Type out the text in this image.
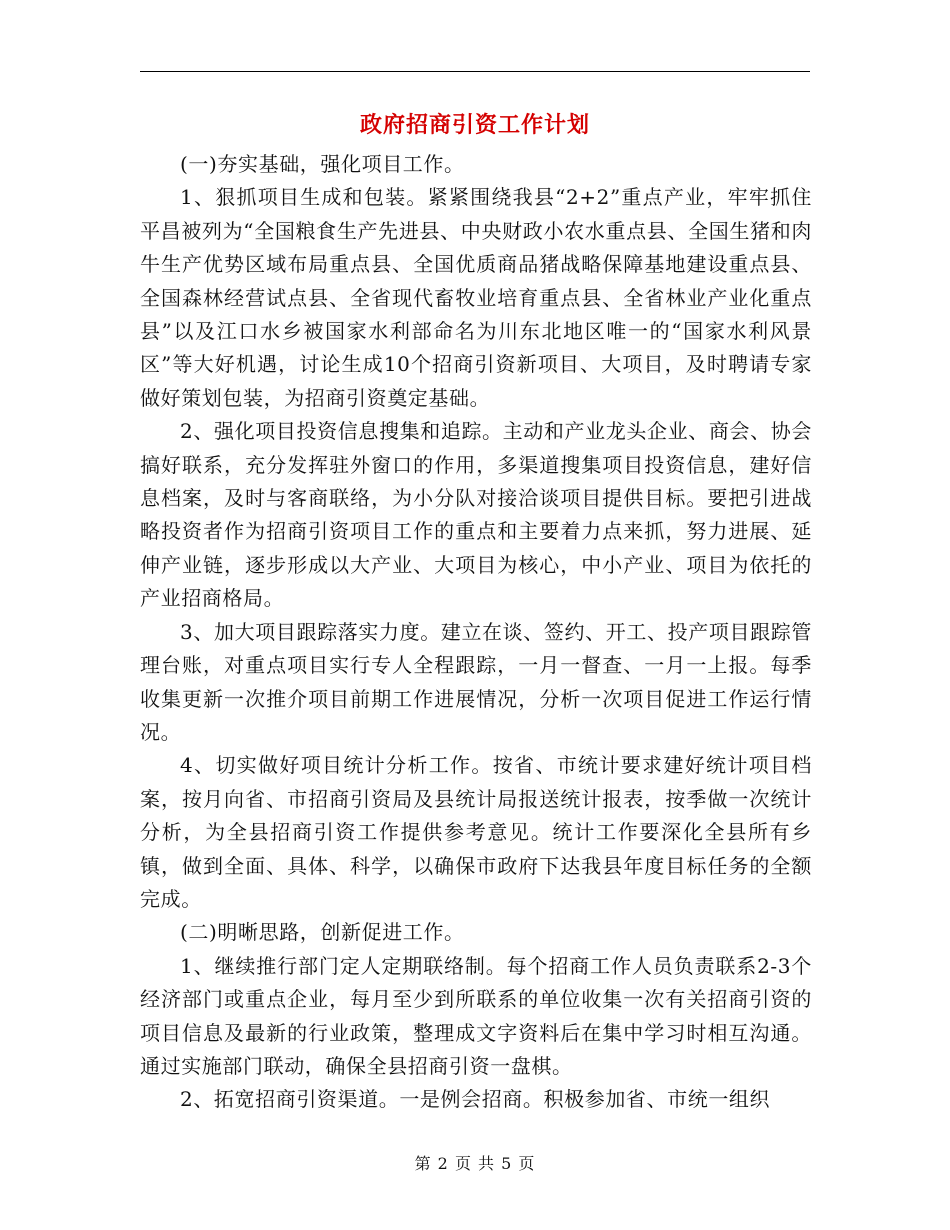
政府招商引资工作计划

(一)夯实基础，强化项目工作。

1、狠抓项目生成和包装。紧紧围绕我县“2+2”重点产业，牢牢抓住平昌被列为“全国粮食生产先进县、中央财政小农水重点县、全国生猪和肉牛生产优势区域布局重点县、全国优质商品猪战略保障基地建设重点县、全国森林经营试点县、全省现代畜牧业培育重点县、全省林业产业化重点县”以及江口水乡被国家水利部命名为川东北地区唯一的“国家水利风景区”等大好机遇，讨论生成10个招商引资新项目、大项目，及时聘请专家做好策划包装，为招商引资奠定基础。

2、强化项目投资信息搜集和追踪。主动和产业龙头企业、商会、协会搞好联系，充分发挥驻外窗口的作用，多渠道搜集项目投资信息，建好信息档案，及时与客商联络，为小分队对接洽谈项目提供目标。要把引进战略投资者作为招商引资项目工作的重点和主要着力点来抓，努力进展、延伸产业链，逐步形成以大产业、大项目为核心，中小产业、项目为依托的产业招商格局。

3、加大项目跟踪落实力度。建立在谈、签约、开工、投产项目跟踪管理台账，对重点项目实行专人全程跟踪，一月一督查、一月一上报。每季收集更新一次推介项目前期工作进展情况，分析一次项目促进工作运行情况。

4、切实做好项目统计分析工作。按省、市统计要求建好统计项目档案，按月向省、市招商引资局及县统计局报送统计报表，按季做一次统计分析，为全县招商引资工作提供参考意见。统计工作要深化全县所有乡镇，做到全面、具体、科学，以确保市政府下达我县年度目标任务的全额完成。

(二)明晰思路，创新促进工作。

1、继续推行部门定人定期联络制。每个招商工作人员负责联系2-3个经济部门或重点企业，每月至少到所联系的单位收集一次有关招商引资的项目信息及最新的行业政策，整理成文字资料后在集中学习时相互沟通。通过实施部门联动，确保全县招商引资一盘棋。

2、拓宽招商引资渠道。一是例会招商。积极参加省、市统一组织

第 2 页 共 5 页
